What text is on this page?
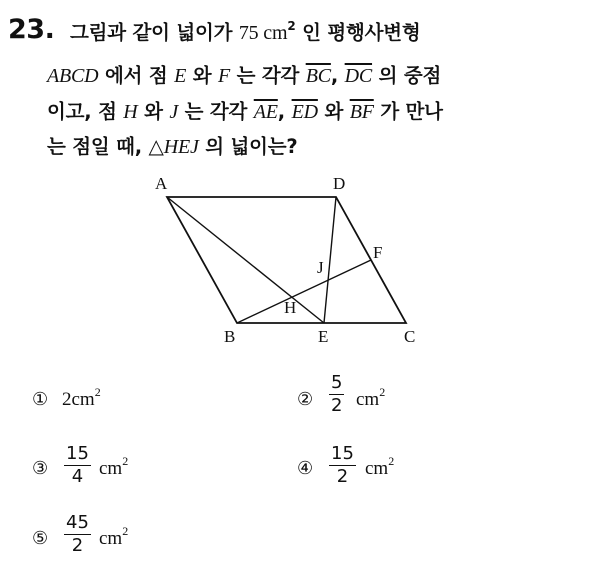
23. 그림과 같이 넓이가 75 $cm^2$ 인 평행사변형
ABCD 에서 점 E 와 F 는 각각 $\overline{BC}$, $\overline{DC}$ 의 중점
이고, 점 H 와 J 는 각각 $\overline{AE}$, $\overline{ED}$ 와 $\overline{BF}$ 가 만나
는 점일 때, △HEJ 의 넓이는?
A	D
F
J
H
B	E	C
① $2cm^2$	② $\frac{5}{2} cm^2$
③ $\frac{15}{4} cm^2$	④ $\frac{15}{2} cm^2$
⑤ $\frac{45}{2} cm^2$
